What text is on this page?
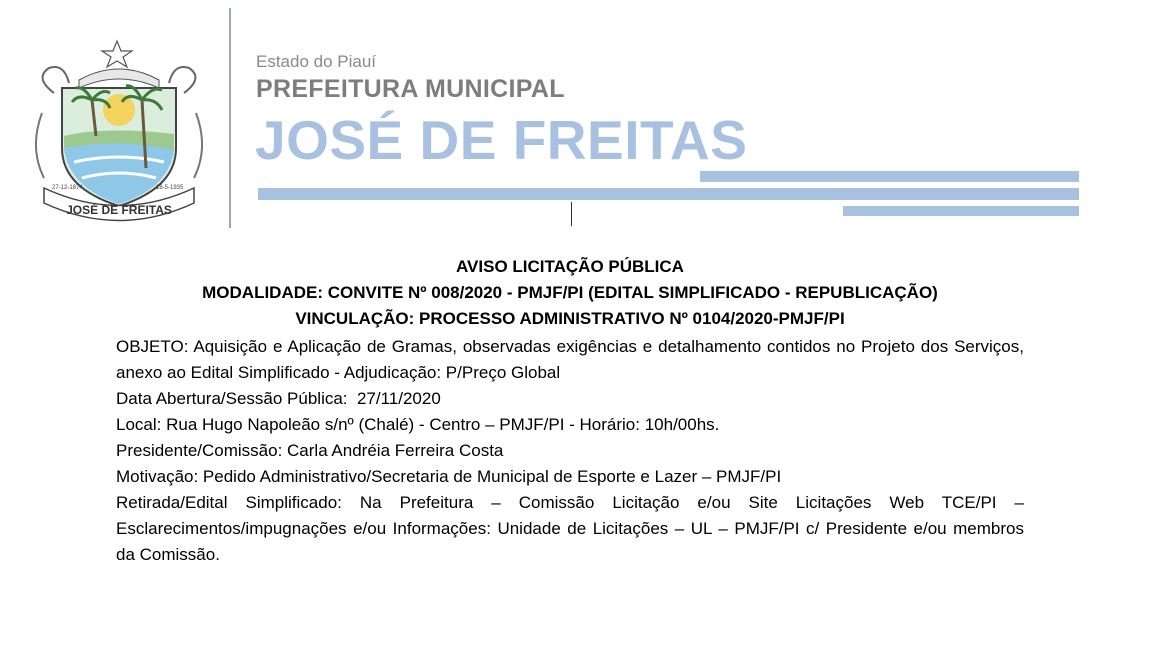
JOSÉ DE FREITAS
27-12-1874	18-5-1935
Estado do Piauí
PREFEITURA MUNICIPAL
JOSÉ DE FREITAS
AVISO LICITAÇÃO PÚBLICA
MODALIDADE: CONVITE Nº 008/2020 - PMJF/PI (EDITAL SIMPLIFICADO - REPUBLICAÇÃO)
VINCULAÇÃO: PROCESSO ADMINISTRATIVO Nº 0104/2020-PMJF/PI

OBJETO: Aquisição e Aplicação de Gramas, observadas exigências e detalhamento contidos no Projeto dos Serviços, anexo ao Edital Simplificado - Adjudicação: P/Preço Global

Data Abertura/Sessão Pública:  27/11/2020

Local: Rua Hugo Napoleão s/nº (Chalé) - Centro – PMJF/PI - Horário: 10h/00hs.

Presidente/Comissão: Carla Andréia Ferreira Costa

Motivação: Pedido Administrativo/Secretaria de Municipal de Esporte e Lazer – PMJF/PI

Retirada/Edital Simplificado: Na Prefeitura – Comissão Licitação e/ou Site Licitações Web TCE/PI – Esclarecimentos/impugnações e/ou Informações: Unidade de Licitações – UL – PMJF/PI c/ Presidente e/ou membros da Comissão.
